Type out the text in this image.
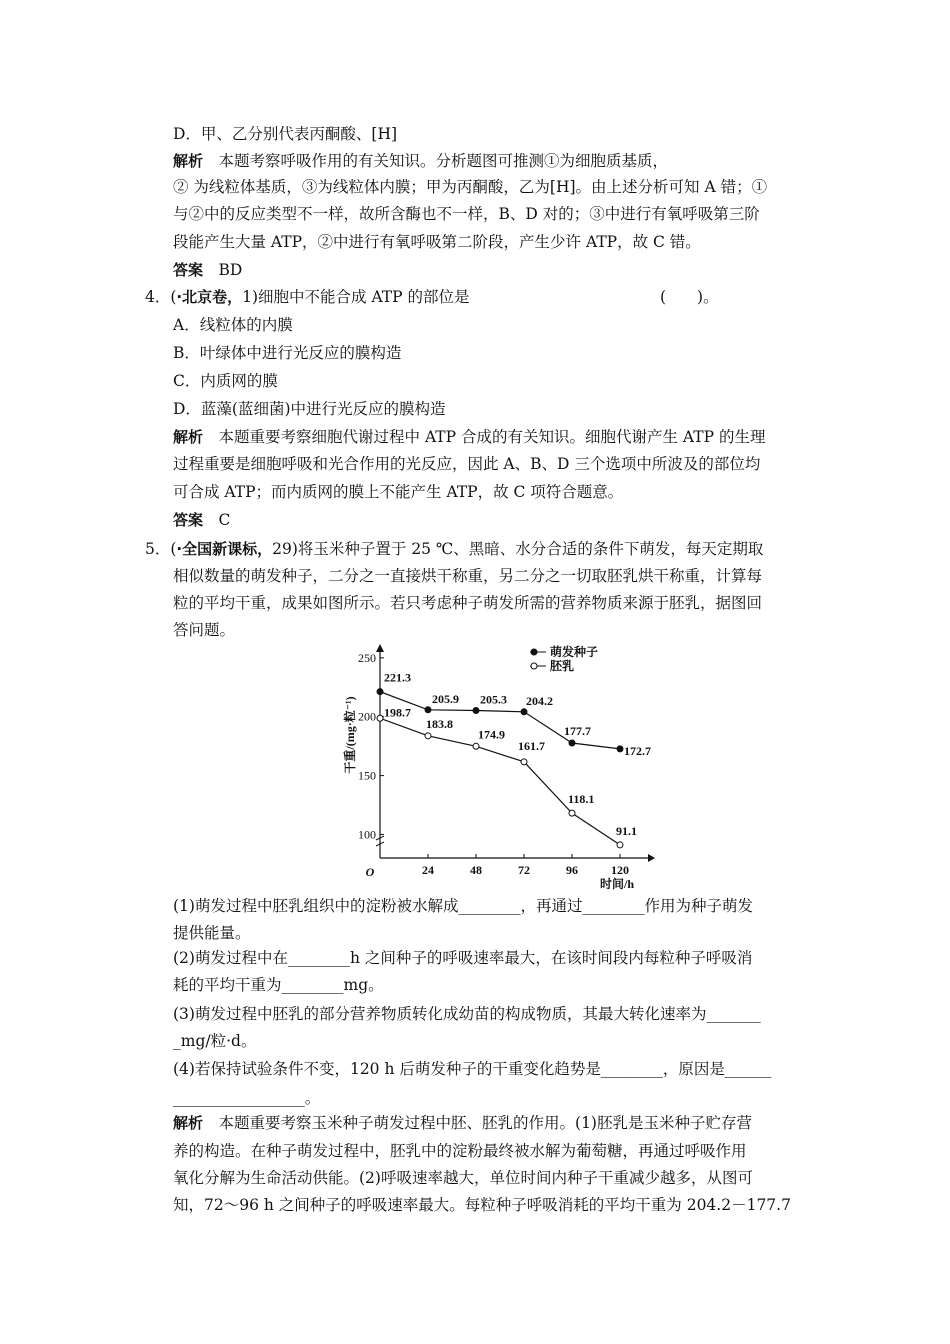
D．甲、乙分别代表丙酮酸、[H]
解析　本题考察呼吸作用的有关知识。分析题图可推测①为细胞质基质，
② 为线粒体基质，③为线粒体内膜；甲为丙酮酸，乙为[H]。由上述分析可知 A 错；①
与②中的反应类型不一样，故所含酶也不一样，B、D 对的；③中进行有氧呼吸第三阶
段能产生大量 ATP，②中进行有氧呼吸第二阶段，产生少许 ATP，故 C 错。
答案　BD
4．(·北京卷，1)细胞中不能合成 ATP 的部位是	(　　)。
A．线粒体的内膜
B．叶绿体中进行光反应的膜构造
C．内质网的膜
D．蓝藻(蓝细菌)中进行光反应的膜构造
解析　本题重要考察细胞代谢过程中 ATP 合成的有关知识。细胞代谢产生 ATP 的生理
过程重要是细胞呼吸和光合作用的光反应，因此 A、B、D 三个选项中所波及的部位均
可合成 ATP；而内质网的膜上不能产生 ATP，故 C 项符合题意。
答案　C
5．(·全国新课标，29)将玉米种子置于 25 ℃、黑暗、水分合适的条件下萌发，每天定期取
相似数量的萌发种子，二分之一直接烘干称重，另二分之一切取胚乳烘干称重，计算每
粒的平均干重，成果如图所示。若只考虑种子萌发所需的营养物质来源于胚乳，据图回
答问题。
(1)萌发过程中胚乳组织中的淀粉被水解成________，再通过________作用为种子萌发
提供能量。
(2)萌发过程中在________h 之间种子的呼吸速率最大，在该时间段内每粒种子呼吸消
耗的平均干重为________mg。
(3)萌发过程中胚乳的部分营养物质转化成幼苗的构成物质，其最大转化速率为_______
_mg/粒·d。
(4)若保持试验条件不变，120 h 后萌发种子的干重变化趋势是________，原因是______
_________________。
解析　本题重要考察玉米种子萌发过程中胚、胚乳的作用。(1)胚乳是玉米种子贮存营
养的构造。在种子萌发过程中，胚乳中的淀粉最终被水解为葡萄糖，再通过呼吸作用
氧化分解为生命活动供能。(2)呼吸速率越大，单位时间内种子干重减少越多，从图可
知，72～96 h 之间种子的呼吸速率最大。每粒种子呼吸消耗的平均干重为 204.2－177.7
100
150
200
250
24	48	72	96	120
O
时间/h
干重/(mg·粒⁻¹)
221.3
205.9 205.3 204.2
177.7
172.7
198.7
183.8
174.9
161.7
118.1
91.1
萌发种子
胚乳
